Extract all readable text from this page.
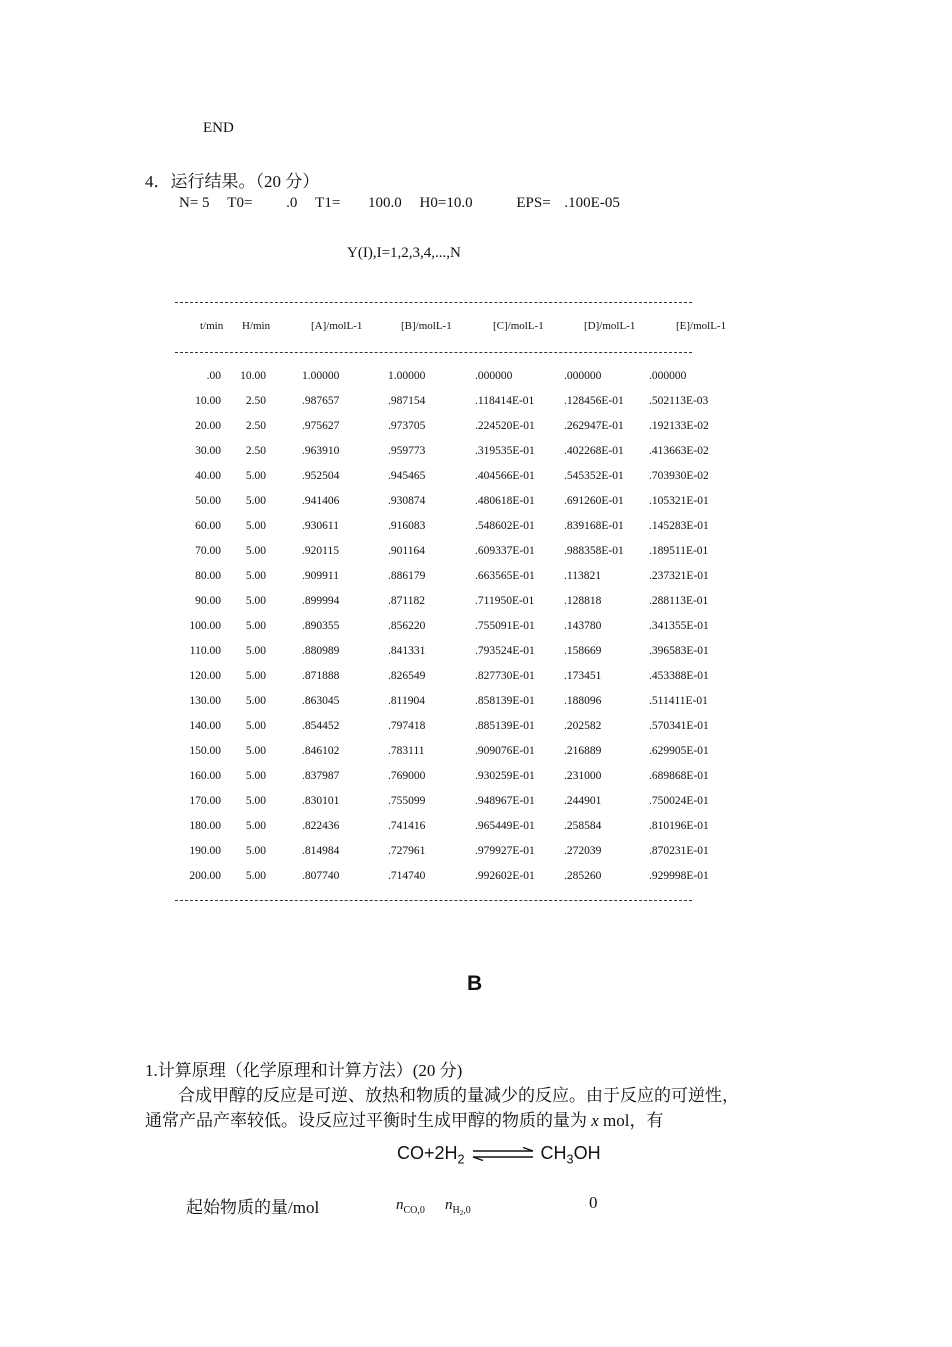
END
4．运行结果。（20 分）
N= 5 T0= .0 T1= 100.0 H0=10.0	EPS= .100E-05
Y(I),I=1,2,3,4,...,N
t/min H/min	[A]/molL-1	[B]/molL-1	[C]/molL-1	[D]/molL-1	[E]/molL-1
.00 10.00	1.00000	1.00000	.000000	.000000	.000000
10.00	2.50	.987657	.987154	.118414E-01	.128456E-01 .502113E-03
20.00	2.50	.975627	.973705	.224520E-01	.262947E-01 .192133E-02
30.00	2.50	.963910	.959773	.319535E-01	.402268E-01 .413663E-02
40.00	5.00	.952504	.945465	.404566E-01	.545352E-01 .703930E-02
50.00	5.00	.941406	.930874	.480618E-01	.691260E-01 .105321E-01
60.00	5.00	.930611	.916083	.548602E-01	.839168E-01 .145283E-01
70.00	5.00	.920115	.901164	.609337E-01	.988358E-01 .189511E-01
80.00	5.00	.909911	.886179	.663565E-01	.113821	.237321E-01
90.00	5.00	.899994	.871182	.711950E-01	.128818	.288113E-01
100.00	5.00	.890355	.856220	.755091E-01	.143780	.341355E-01
110.00	5.00	.880989	.841331	.793524E-01	.158669	.396583E-01
120.00	5.00	.871888	.826549	.827730E-01	.173451	.453388E-01
130.00	5.00	.863045	.811904	.858139E-01	.188096	.511411E-01
140.00	5.00	.854452	.797418	.885139E-01	.202582	.570341E-01
150.00	5.00	.846102	.783111	.909076E-01	.216889	.629905E-01
160.00	5.00	.837987	.769000	.930259E-01	.231000	.689868E-01
170.00	5.00	.830101	.755099	.948967E-01	.244901	.750024E-01
180.00	5.00	.822436	.741416	.965449E-01	.258584	.810196E-01
190.00	5.00	.814984	.727961	.979927E-01	.272039	.870231E-01
200.00	5.00	.807740	.714740	.992602E-01	.285260	.929998E-01
B
1.计算原理（化学原理和计算方法）(20 分)
合成甲醇的反应是可逆、放热和物质的量减少的反应。由于反应的可逆性，
通常产品产率较低。设反应过平衡时生成甲醇的物质的量为 x mol，有
$CO+2H_2$ ⇌ $CH_3OH$
起始物质的量/mol	$n_{CO,0}$ $n_{H_2,0}$	0
